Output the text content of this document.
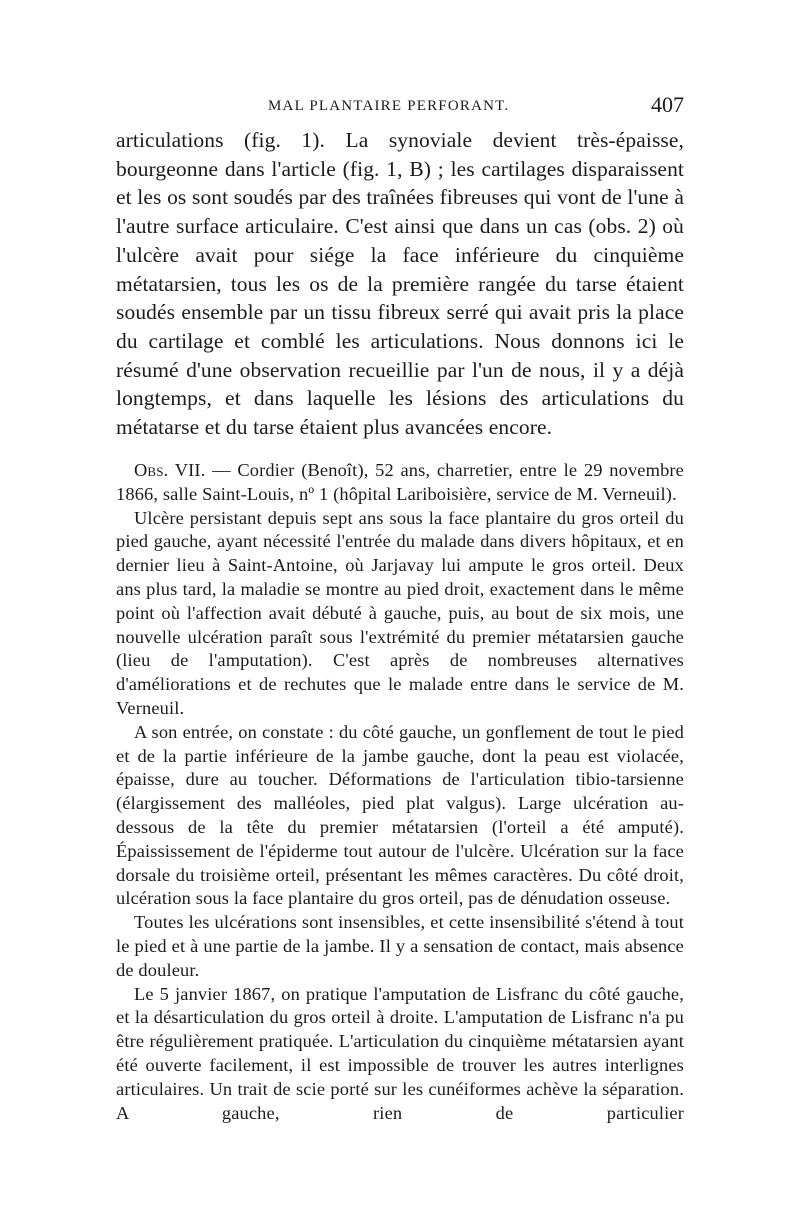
MAL PLANTAIRE PERFORANT.	407

articulations (fig. 1). La synoviale devient très-épaisse, bourgeonne dans l'article (fig. 1, B) ; les cartilages disparaissent et les os sont soudés par des traînées fibreuses qui vont de l'une à l'autre surface articulaire. C'est ainsi que dans un cas (obs. 2) où l'ulcère avait pour siége la face inférieure du cinquième métatarsien, tous les os de la première rangée du tarse étaient soudés ensemble par un tissu fibreux serré qui avait pris la place du cartilage et comblé les articulations. Nous donnons ici le résumé d'une observation recueillie par l'un de nous, il y a déjà longtemps, et dans laquelle les lésions des articulations du métatarse et du tarse étaient plus avancées encore.

Obs. VII. — Cordier (Benoît), 52 ans, charretier, entre le 29 novembre 1866, salle Saint-Louis, nº 1 (hôpital Lariboisière, service de M. Verneuil).

Ulcère persistant depuis sept ans sous la face plantaire du gros orteil du pied gauche, ayant nécessité l'entrée du malade dans divers hôpitaux, et en dernier lieu à Saint-Antoine, où Jarjavay lui ampute le gros orteil. Deux ans plus tard, la maladie se montre au pied droit, exactement dans le même point où l'affection avait débuté à gauche, puis, au bout de six mois, une nouvelle ulcération paraît sous l'extrémité du premier métatarsien gauche (lieu de l'amputation). C'est après de nombreuses alternatives d'améliorations et de rechutes que le malade entre dans le service de M. Verneuil.

A son entrée, on constate : du côté gauche, un gonflement de tout le pied et de la partie inférieure de la jambe gauche, dont la peau est violacée, épaisse, dure au toucher. Déformations de l'articulation tibio-tarsienne (élargissement des malléoles, pied plat valgus). Large ulcération au-dessous de la tête du premier métatarsien (l'orteil a été amputé). Épaississement de l'épiderme tout autour de l'ulcère. Ulcération sur la face dorsale du troisième orteil, présentant les mêmes caractères. Du côté droit, ulcération sous la face plantaire du gros orteil, pas de dénudation osseuse.

Toutes les ulcérations sont insensibles, et cette insensibilité s'étend à tout le pied et à une partie de la jambe. Il y a sensation de contact, mais absence de douleur.

Le 5 janvier 1867, on pratique l'amputation de Lisfranc du côté gauche, et la désarticulation du gros orteil à droite. L'amputation de Lisfranc n'a pu être régulièrement pratiquée. L'articulation du cinquième métatarsien ayant été ouverte facilement, il est impossible de trouver les autres interlignes articulaires. Un trait de scie porté sur les cunéiformes achève la séparation. A gauche, rien de particulier
